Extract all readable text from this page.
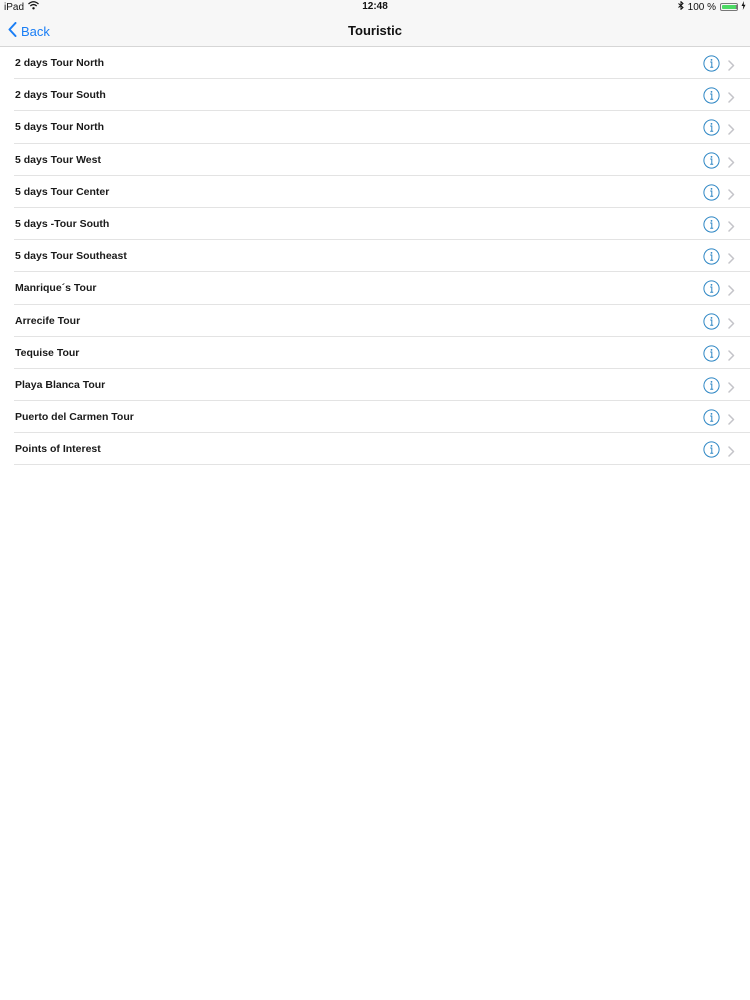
iPad	12:48	100 %
Back	Touristic
2 days Tour North
2 days Tour South
5 days Tour North
5 days Tour West
5 days Tour Center
5 days -Tour South
5 days Tour Southeast
Manrique´s Tour
Arrecife Tour
Tequise Tour
Playa Blanca Tour
Puerto del Carmen Tour
Points of Interest
